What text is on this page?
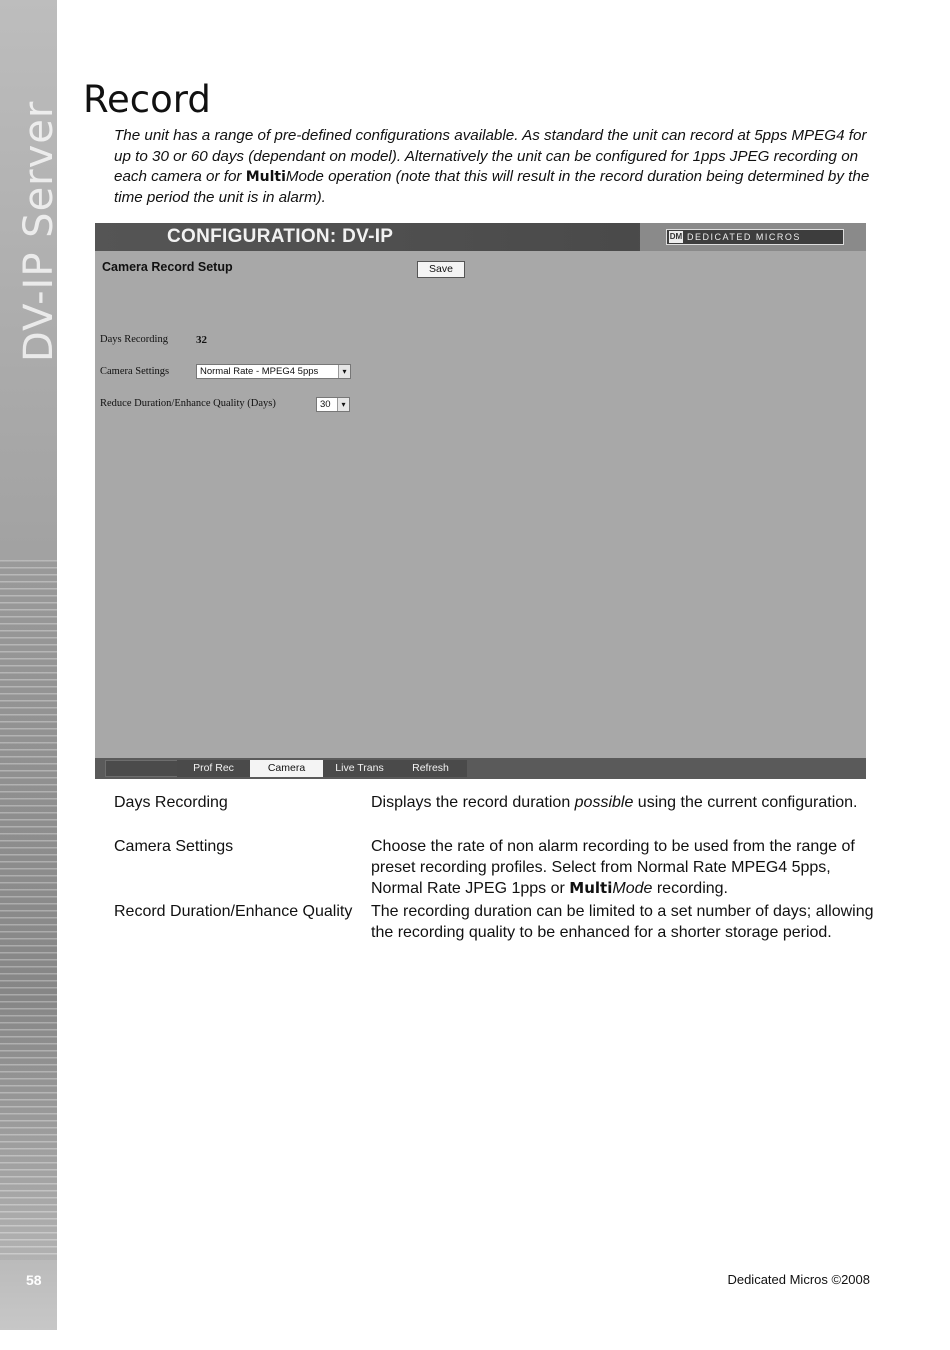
DV-IP Server
58
Record

The unit has a range of pre-defined configurations available. As standard the unit can record at 5pps MPEG4 for up to 30 or 60 days (dependant on model). Alternatively the unit can be configured for 1pps JPEG recording on each camera or for MultiMode operation (note that this will result in the record duration being determined by the time period the unit is in alarm).

CONFIGURATION: DV-IP	DM DEDICATED MICROS
Camera Record Setup	Save
Days Recording	32
Camera Settings	Normal Rate - MPEG4 5pps	▾
Reduce Duration/Enhance Quality (Days)	30	▾
Prof Rec	Camera	Live Trans	Refresh
Days Recording	Displays the record duration possible using the current configuration.
Camera Settings	Choose the rate of non alarm recording to be used from the range of preset recording profiles. Select from Normal Rate MPEG4 5pps, Normal Rate JPEG 1pps or MultiMode recording.
Record Duration/Enhance Quality	The recording duration can be limited to a set number of days; allowing the recording quality to be enhanced for a shorter storage period.
Dedicated Micros ©2008
